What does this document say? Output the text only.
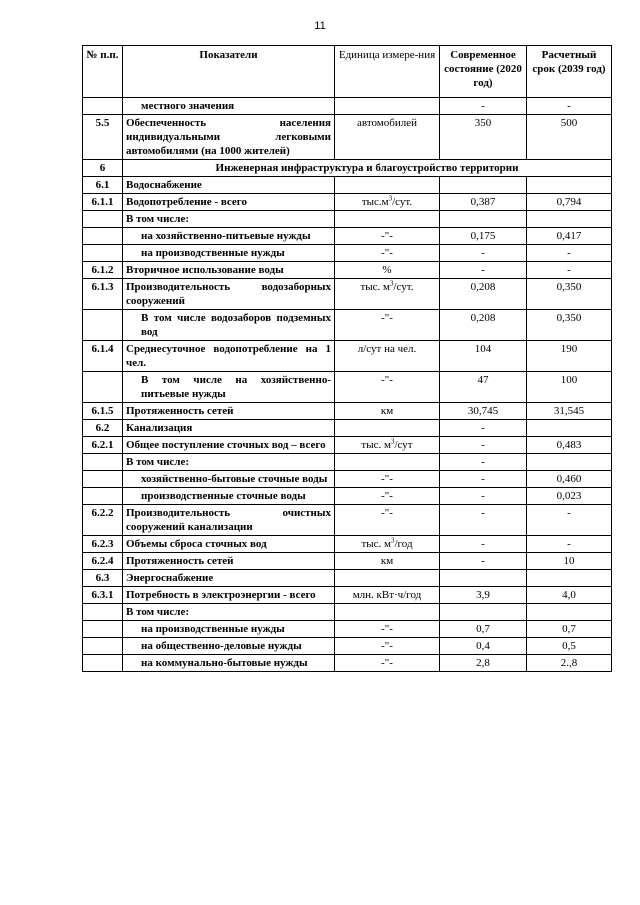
11
№ п.п.	Показатели	Единица измере-ния	Современное состояние (2020 год)	Расчетный срок (2039 год)
	местного значения		-	-
5.5	Обеспеченность населения индивидуальными легковыми автомобилями (на 1000 жителей)	автомобилей	350	500
6	Инженерная инфраструктура и благоустройство территории			
6.1	Водоснабжение			
6.1.1	Водопотребление - всего	$тыс.м^3$/сут.	0,387	0,794
	В том числе:			
	на хозяйственно-питьевые нужды	-"-	0,175	0,417
	на производственные нужды	-"-	-	-
6.1.2	Вторичное использование воды	%	-	-
6.1.3	Производительность водозаборных сооружений	тыс. $м^3$/сут.	0,208	0,350
	В том числе водозаборов подземных вод	-"-	0,208	0,350
6.1.4	Среднесуточное водопотребление на 1 чел.	л/сут на чел.	104	190
	В том числе на хозяйственно-питьевые нужды	-"-	47	100
6.1.5	Протяженность сетей	км	30,745	31,545
6.2	Канализация		-	
6.2.1	Общее поступление сточных вод – всего	тыс. $м^3$/сут	-	0,483
	В том числе:		-	
	хозяйственно-бытовые сточные воды	-"-	-	0,460
	производственные сточные воды	-"-	-	0,023
6.2.2	Производительность очистных сооружений канализации	-"-	-	-
6.2.3	Объемы сброса сточных вод	тыс. $м^3$/год	-	-
6.2.4	Протяженность сетей	км	-	10
6.3	Энергоснабжение			
6.3.1	Потребность в электроэнергии - всего	млн. кВт·ч/год	3,9	4,0
	В том числе:			
	на производственные нужды	-"-	0,7	0,7
	на общественно-деловые нужды	-"-	0,4	0,5
	на коммунально-бытовые нужды	-"-	2,8	2.,8
